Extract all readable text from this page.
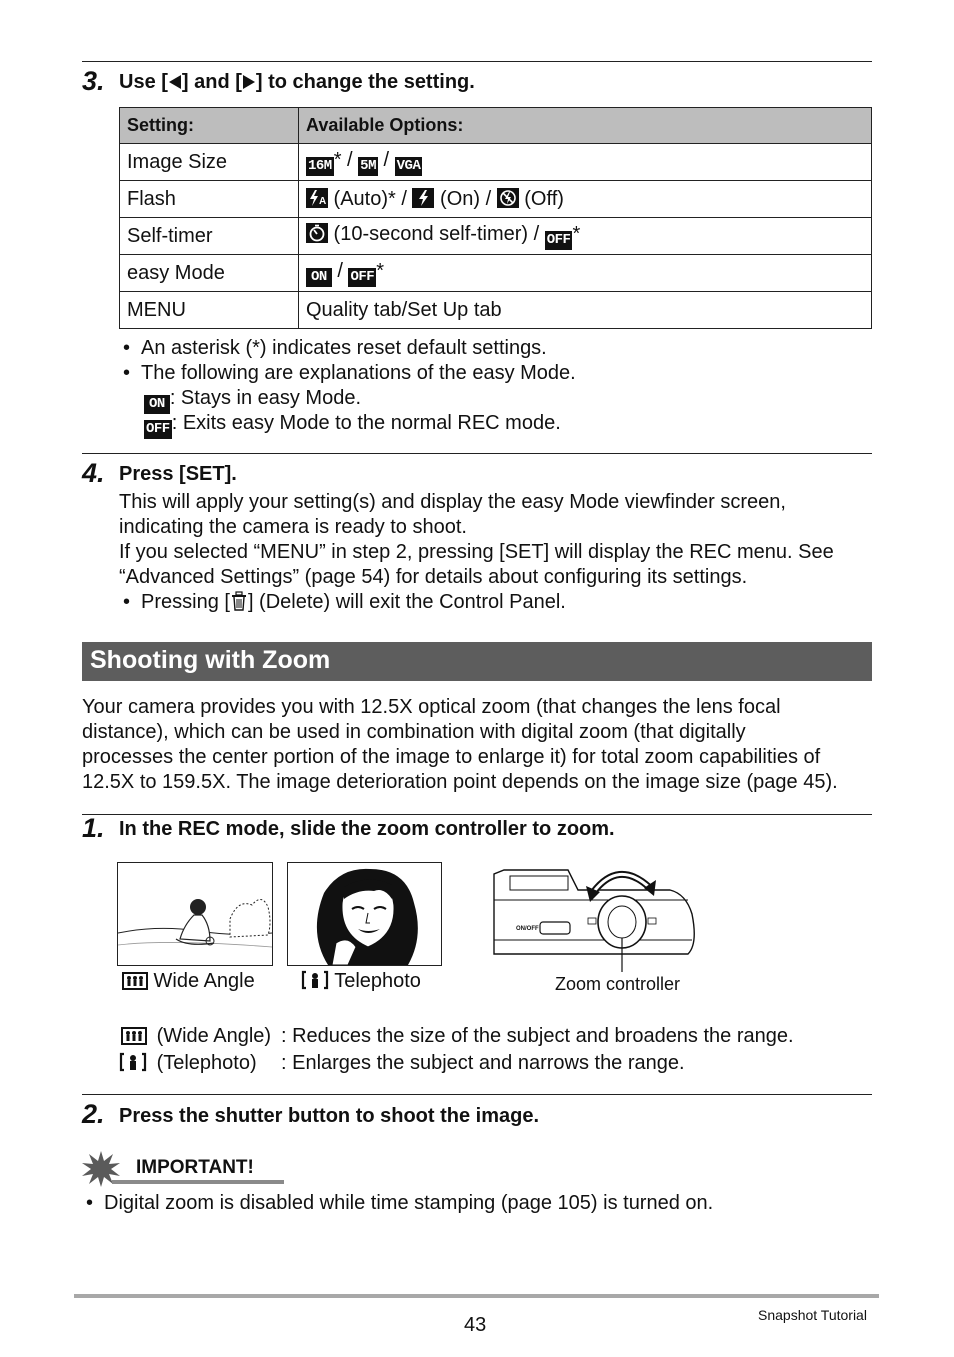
3. Use [ ] and [ ] to change the setting.
Setting:	Available Options:
Image Size	16M * / 5M / VGA
Flash	A (Auto)* /  (On) /  (Off)
Self-timer	(10-second self-timer) / OFF *
easy Mode	ON / OFF *
MENU	Quality tab/Set Up tab
• An asterisk (*) indicates reset default settings.
• The following are explanations of the easy Mode.
ON : Stays in easy Mode.
OFF : Exits easy Mode to the normal REC mode.
4. Press [SET].
This will apply your setting(s) and display the easy Mode viewfinder screen,
indicating the camera is ready to shoot.
If you selected “MENU” in step 2, pressing [SET] will display the REC menu. See
“Advanced Settings” (page 54) for details about configuring its settings.
• Pressing [ ] (Delete) will exit the Control Panel.
Shooting with Zoom
Your camera provides you with 12.5X optical zoom (that changes the lens focal
distance), which can be used in combination with digital zoom (that digitally
processes the center portion of the image to enlarge it) for total zoom capabilities of
12.5X to 159.5X. The image deterioration point depends on the image size (page 45).
1. In the REC mode, slide the zoom controller to zoom.
ON/OFF
Wide Angle	Telephoto	Zoom controller
(Wide Angle) : Reduces the size of the subject and broadens the range.
(Telephoto) : Enlarges the subject and narrows the range.
2. Press the shutter button to shoot the image.
IMPORTANT!
• Digital zoom is disabled while time stamping (page 105) is turned on.
43	Snapshot Tutorial
